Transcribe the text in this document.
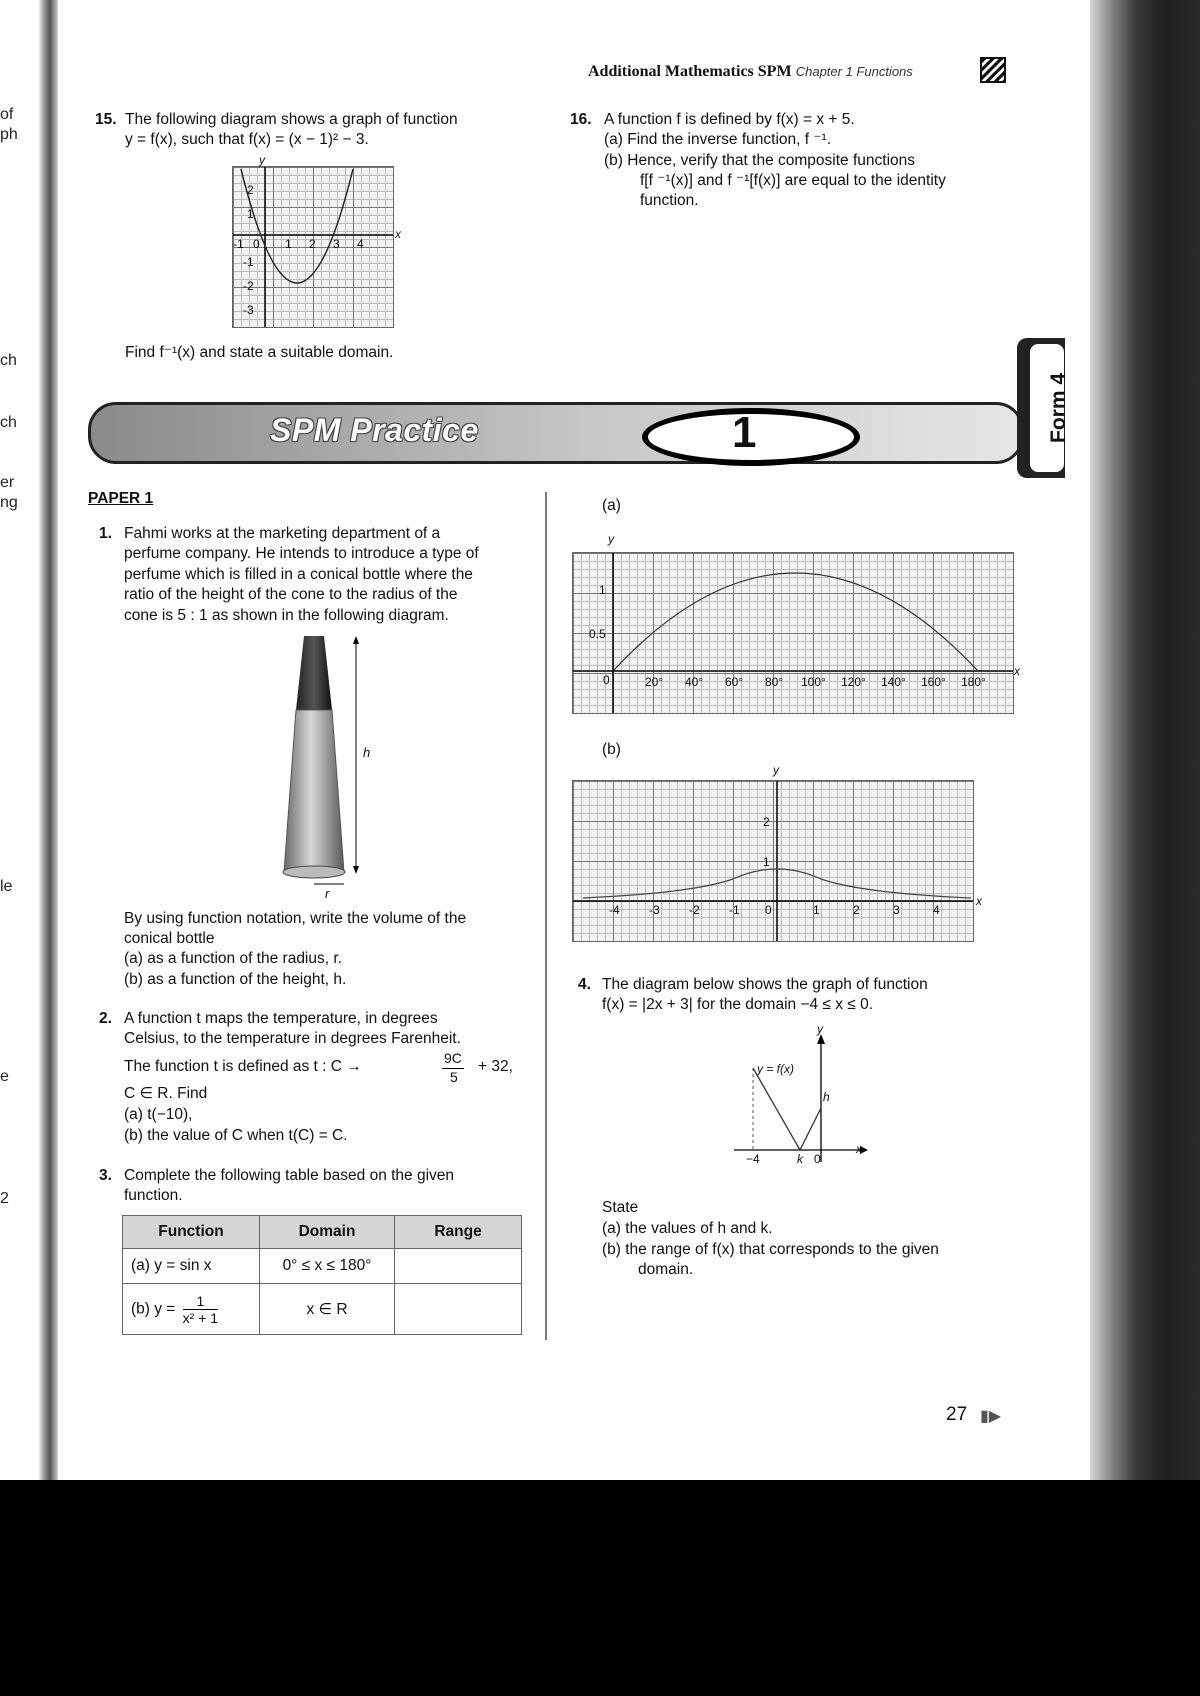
of
ph
ch
ch
er
ng
le
e
2
Additional Mathematics SPM Chapter 1 Functions
15. The following diagram shows a graph of function
y = f(x), such that f(x) = (x − 1)² − 3.
2
1
-1
-2
-3
-1 0 1 2 3 4
x
y
Find f⁻¹(x) and state a suitable domain.
16. A function f is defined by f(x) = x + 5.
(a) Find the inverse function, f ⁻¹.
(b) Hence, verify that the composite functions
f[f ⁻¹(x)] and f ⁻¹[f(x)] are equal to the identity
function.
SPM Practice	1	Form 4
PAPER 1
1. Fahmi works at the marketing department of a
perfume company. He intends to introduce a type of
perfume which is filled in a conical bottle where the
ratio of the height of the cone to the radius of the
cone is 5 : 1 as shown in the following diagram.
h
r
By using function notation, write the volume of the
conical bottle
(a) as a function of the radius, r.
(b) as a function of the height, h.
2. A function t maps the temperature, in degrees
Celsius, to the temperature in degrees Farenheit.
The function t is defined as t : C →	9C
5
+ 32,
C ∈ R. Find
(a) t(−10),
(b) the value of C when t(C) = C.
3. Complete the following table based on the given
function.
Function	Domain	Range
(a) y = sin x	0° ≤ x ≤ 180°	
(b) $y = \frac{1}{\text{x² + 1}}$	x ∈ R	
(a)
1
0.5
0	20° 40° 60° 80° 100° 120° 140° 160° 180°
y
x
(b)
2
1
0
-4 -3 -2 -1	1	2	3	4
y
x
4. The diagram below shows the graph of function
f(x) = |2x + 3| for the domain −4 ≤ x ≤ 0.
y = f(x)
h
k
−4	0
x
y
State
(a) the values of h and k.
(b) the range of f(x) that corresponds to the given
domain.
27 ▮▶
